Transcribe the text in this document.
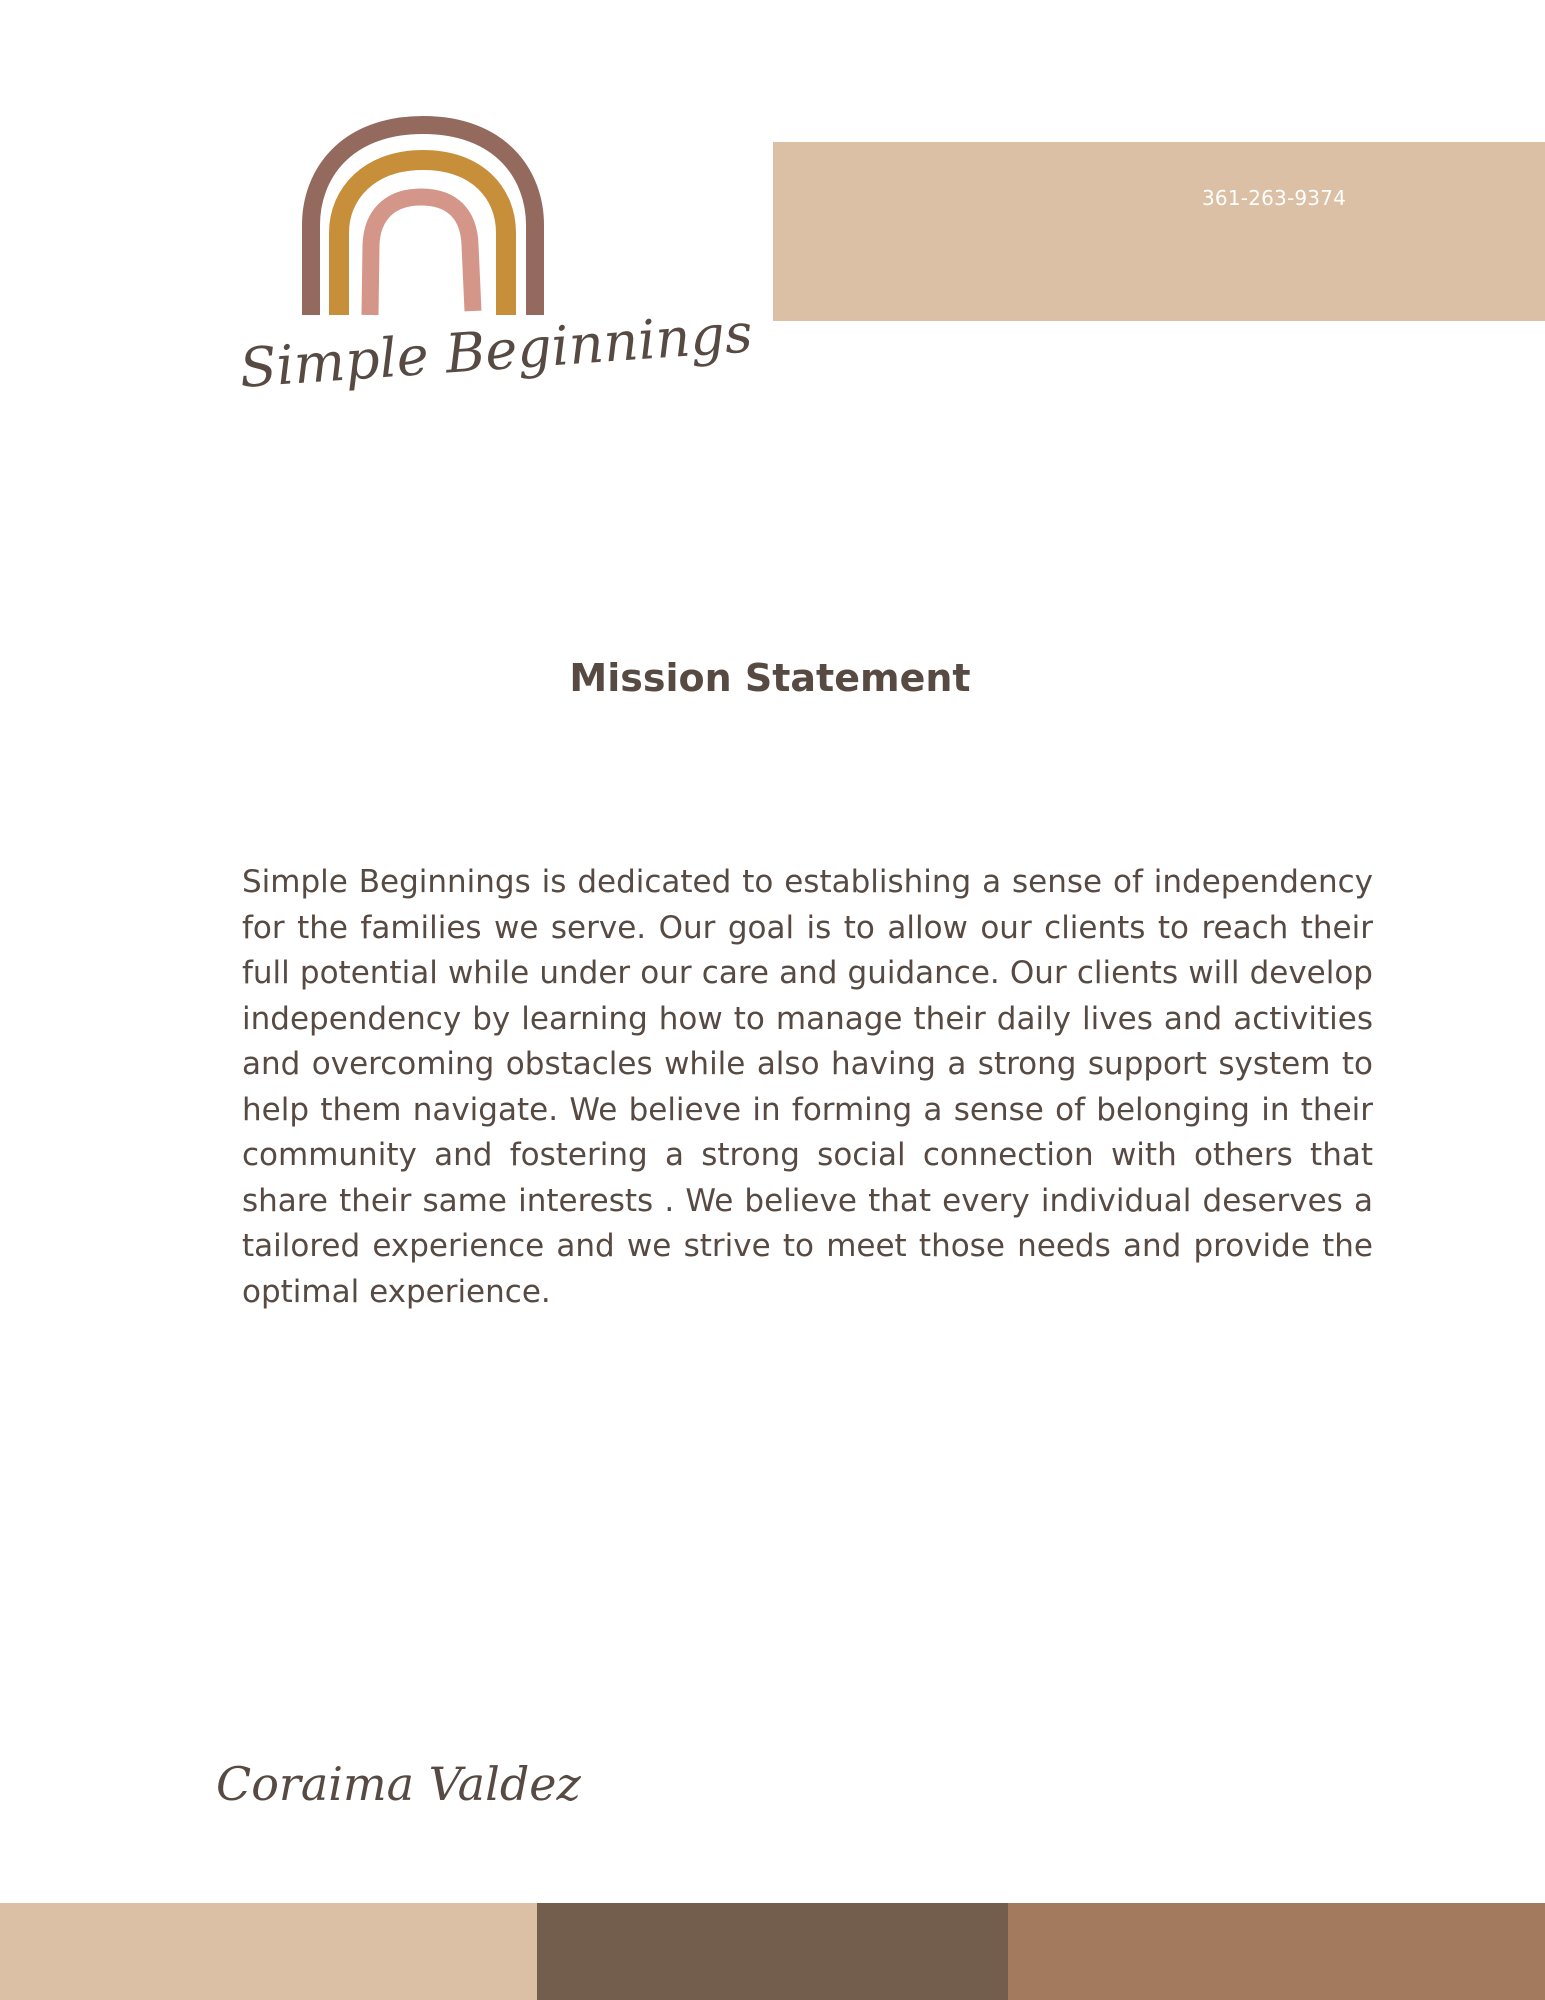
Simple Beginnings
361-263-9374
Mission Statement

Simple Beginnings is dedicated to establishing a sense of independency for the families we serve. Our goal is to allow our clients to reach their full potential while under our care and guidance. Our clients will develop independency by learning how to manage their daily lives and activities and overcoming obstacles while also having a strong support system to help them navigate. We believe in forming a sense of belonging in their community and fostering a strong social connection with others that share their same interests . We believe that every individual deserves a tailored experience and we strive to meet those needs and provide the optimal experience.

Coraima Valdez
